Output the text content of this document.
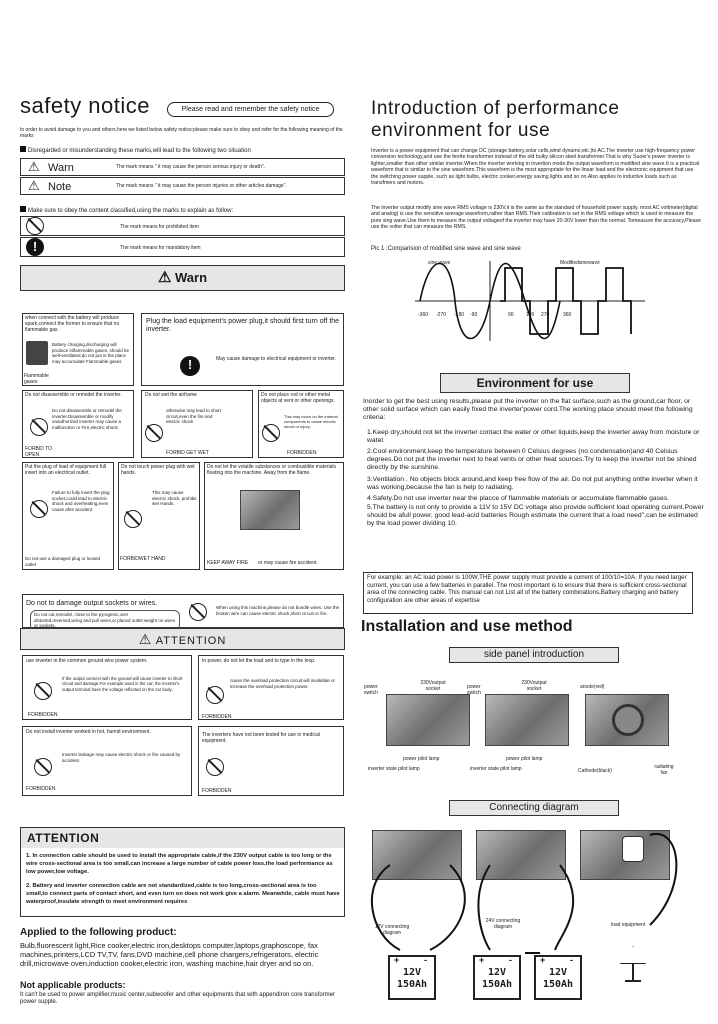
safety notice	Please read and remember the safety notice
In order to avoid damage to you and others,here we listed below safety notice:please make sure to obey and refer for the following meaning of the marks
Disregarded or misunderstanding these marks,will lead to the following two situation
⚠ Warn	The mark means " it may cause the person serious injury or death".
⚠ Note	The mark means " it may cause the person injuries or other articles damage".
Make sure to obey the content classified,using the marks to explain as follow:
The mark means for prohibited item
!	The mark means for mandatory item
⚠ Warn
when connect with the battery will produce spark,connect the former to ensure that no flammable gas.
Battery charging,discharging will produce inflammable gases, should be well-ventilated,do not put in the place may accumulate Flammable gases
Flammable gases
Plug the load equipment's power plug,it should first turn off the inverter.
!	May cause damage to electrical equipment or inverter.
Do not disassemble or remodel the inverter.
Do not disassemble or remodel the inverter.Disassemble or modify unauthorized inverter may cause a malfunction or Fire,electric shock.
FORBID TO OPEN
Do not wet the airframe
otherwise may lead to short circuit,even the fire and electric shock
FORBID GET WET
Do not place rod or other metal objects at vent or other openings.
This may touch on the internal components to cause electric shock or injury.
FORBIDDEN
Put the plug of load of equipment full insert into an electrical outlet.
Failure to fully insert the plug socket,could lead to electric shock and overheating,even cause afire accident.
Do not use a damaged plug or loosed outlet
Do not touch power plug with wet hands.
This may cause electric shock, prohibit wet Hands.
FORBIDWET HAND
Do not let the volatile substances or combustible materials floating into the machine. Away from the flame.
or may cause fire accident.
KEEP AWAY FIRE
Do not to damage output sockets or wires.
Do not cut,remodel, close to the pyrogenic,over distorted,reversed,wring and pull wires,or placed outlet weight on wires or sockets.
When using this machine,please do not bundle wires. Use the broken wire can cause electric shock,short circuit or fire.
⚠ ATTENTION
use inverter in the common ground wire power system.
If the output connect with the ground will cause inverter to short circuit and damage.For example:used in the car, the inverter's output terminal have the voltage reflected on the car body.
FORBIDDEN
In power, do not let the load and to type in the loop.
cause the overload protection circuit will invalidate or increase the overload protection power.
FORBIDDEN
Do not install inverter worked in hot, humid environment.
Inverter leakage may cause electric shock or fire caused by accident.
FORBIDDEN
The inverters have not been tested for use in medical equipment.
FORBIDDEN
ATTENTION
1. In connection cable should be used to install the appropriate cable,if the 230V output cable is too long or the wire cross-sectional area is too small,can increase a large number of cable power loss,the load performance as low power,low voltage.
2. Battery and inverter connection cable are not standardized,cable is too long,cross-sectional area is too small,to connect parts of contact short, and even turn on does not work give a alarm. Meanwhile, cable must have waterproof,insulate strength to meet environment requires
Applied to the following product:
Bulb,fluorescent light,Rice cooker,electric iron,desktops computer,laptops,graphoscope, fax machines,printers,LCD TV,TV, fans,DVD machine,cell phone chargers,refrigerators, electric drill,microwave oven,induction cooker,electric iron, washing machine,hair dryer and so on.
Not applicable products:
It can't be used to power amplifier,music center,subwoofer and other equipments that with appendiron core transformer power supple.
Introduction of performance
environment for use
Inverter is a power equipment that can change DC (storage battery,solar cells,wind dynamo,etc.)to AC.The inverter use high-frequency power conversion technology,and use the ferrite transformer instead of the old bulky silicon steel transformer.That is why Suoer's power inverter is lighter,smaller than other similar inverter.When the inverter working in invertion mode,the output waveform is modified sine wave.It is a practical waveform that is similar to the sine waveform.This waveform is the most appropriate for the linear load and the electronic equipment that use the switching power supple, such as light bulbs, electric cooker,energy saving lights and so on.Also applies to inductive loads such as transfmers and motors.
The inverter output modify sine wave RMS voltage is 230V,it is the same as the standard of household power supply. most AC voltmeter(digital and analog) is use the sensitive average waveform,rather than RMS.Their calibration is set in the RMS voltage which is used to measure the pure sing wave.Use them to measure the output voltageof the inverter may have 20-30V lower than the normal. Tomeasure the accuracy,Please use the volter that can measure the RMS.
Pic 1 :Comparision of modified sine wave and sine wave
sine wave	Modifiedsinewave
-360 -270 -180 -90	90 180 270	360
Environment for use
Inorder to get the best using results,please put the inverter on the flat surface,such as the ground,car floor, or other solid surface which can easily fixed the inverter'power cord.The working place should meet the following criteria:
1.Keep dry,should not let the inverter contact the water or other liquids,keep the inverter away from moisture or watel.
2.Cool environment,keep the temperature between 0 Celsius degrees (no condensation)and 40 Celsius degrees.Do not put the inverter next to heat vents or other heat sources.Try to keep the inverter not be shined directly by the sunshine.
3.Ventilation . No objects block around,and keep free flow of the air. Do not put anything onthe inverter when it was working,because the fan is help to radiating.
4.Safety.Do not use inverter near the placce of flammable materials or accumulate flammable gases.
5.The battery is not only to provide a 11V to 15V DC voltage also provide sufficient load operating current.Power should be afull power, good lead-acid batteries Rough estimate the current that a load need",can be estimated by the load power dividing 10.
For example: an AC load power is 100W,THE power supply must provide a current of 100/10=10A. If you need larger current, you can use a few batteries in parallel. The most important is to ensure that there is sufficient cross-sectional area of the connecting cable. This manual can not List all of the battery combinations.Battery charging and battery configuration are other areas of expertise
Installation and use method
side panel introduction
power switch
230Voutput socket	power switch
230Voutput socket	anode(red)
power pilot lamp	power pilot lamp
inverter state pilot lamp	inverter state pilot lamp	Cathode(black)
radiating fan
Connecting diagram
12V connecting diagram
24V connecting diagram	load equipment
12V
150Ah
+	-
12V
150Ah
+	-
12V
150Ah
+	-
